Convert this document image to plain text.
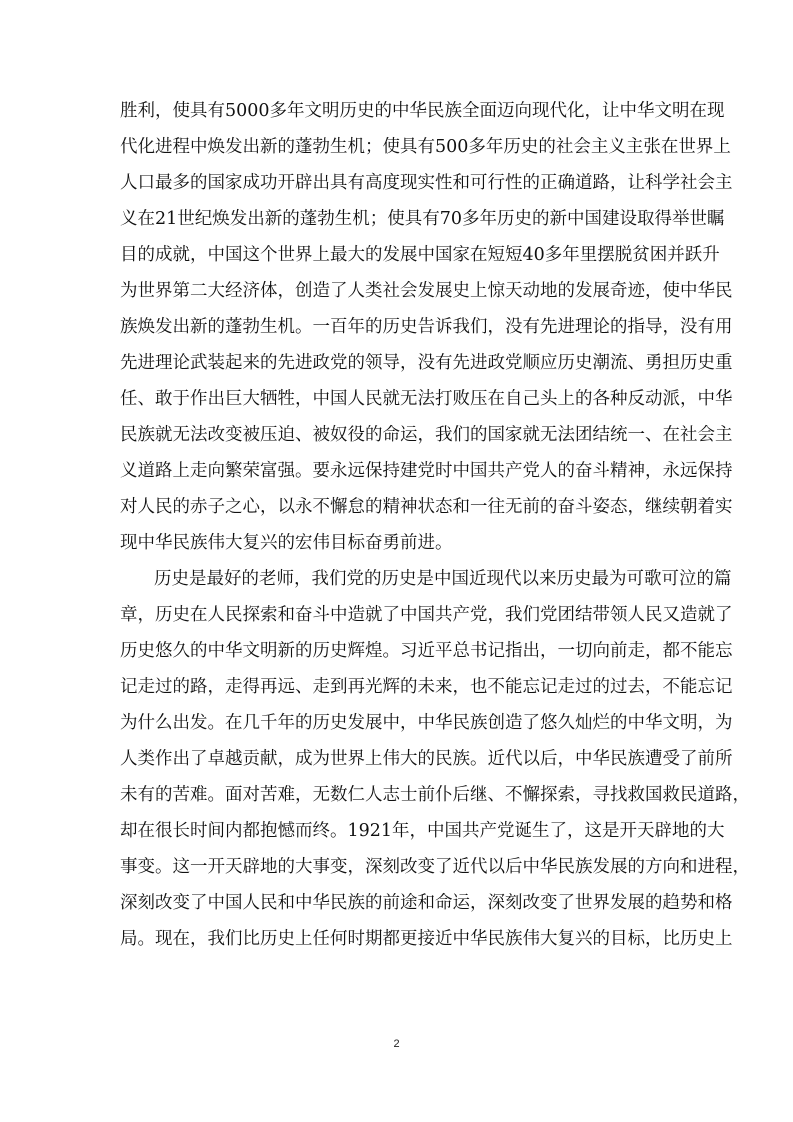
胜利，使具有5000多年文明历史的中华民族全面迈向现代化，让中华文明在现
代化进程中焕发出新的蓬勃生机；使具有500多年历史的社会主义主张在世界上
人口最多的国家成功开辟出具有高度现实性和可行性的正确道路，让科学社会主
义在21世纪焕发出新的蓬勃生机；使具有70多年历史的新中国建设取得举世瞩
目的成就，中国这个世界上最大的发展中国家在短短40多年里摆脱贫困并跃升
为世界第二大经济体，创造了人类社会发展史上惊天动地的发展奇迹，使中华民
族焕发出新的蓬勃生机。一百年的历史告诉我们，没有先进理论的指导，没有用
先进理论武装起来的先进政党的领导，没有先进政党顺应历史潮流、勇担历史重
任、敢于作出巨大牺牲，中国人民就无法打败压在自己头上的各种反动派，中华
民族就无法改变被压迫、被奴役的命运，我们的国家就无法团结统一、在社会主
义道路上走向繁荣富强。要永远保持建党时中国共产党人的奋斗精神，永远保持
对人民的赤子之心，以永不懈怠的精神状态和一往无前的奋斗姿态，继续朝着实
现中华民族伟大复兴的宏伟目标奋勇前进。
历史是最好的老师，我们党的历史是中国近现代以来历史最为可歌可泣的篇
章，历史在人民探索和奋斗中造就了中国共产党，我们党团结带领人民又造就了
历史悠久的中华文明新的历史辉煌。习近平总书记指出，一切向前走，都不能忘
记走过的路，走得再远、走到再光辉的未来，也不能忘记走过的过去，不能忘记
为什么出发。在几千年的历史发展中，中华民族创造了悠久灿烂的中华文明，为
人类作出了卓越贡献，成为世界上伟大的民族。近代以后，中华民族遭受了前所
未有的苦难。面对苦难，无数仁人志士前仆后继、不懈探索，寻找救国救民道路，
却在很长时间内都抱憾而终。1921年，中国共产党诞生了，这是开天辟地的大
事变。这一开天辟地的大事变，深刻改变了近代以后中华民族发展的方向和进程，
深刻改变了中国人民和中华民族的前途和命运，深刻改变了世界发展的趋势和格
局。现在，我们比历史上任何时期都更接近中华民族伟大复兴的目标，比历史上
2
